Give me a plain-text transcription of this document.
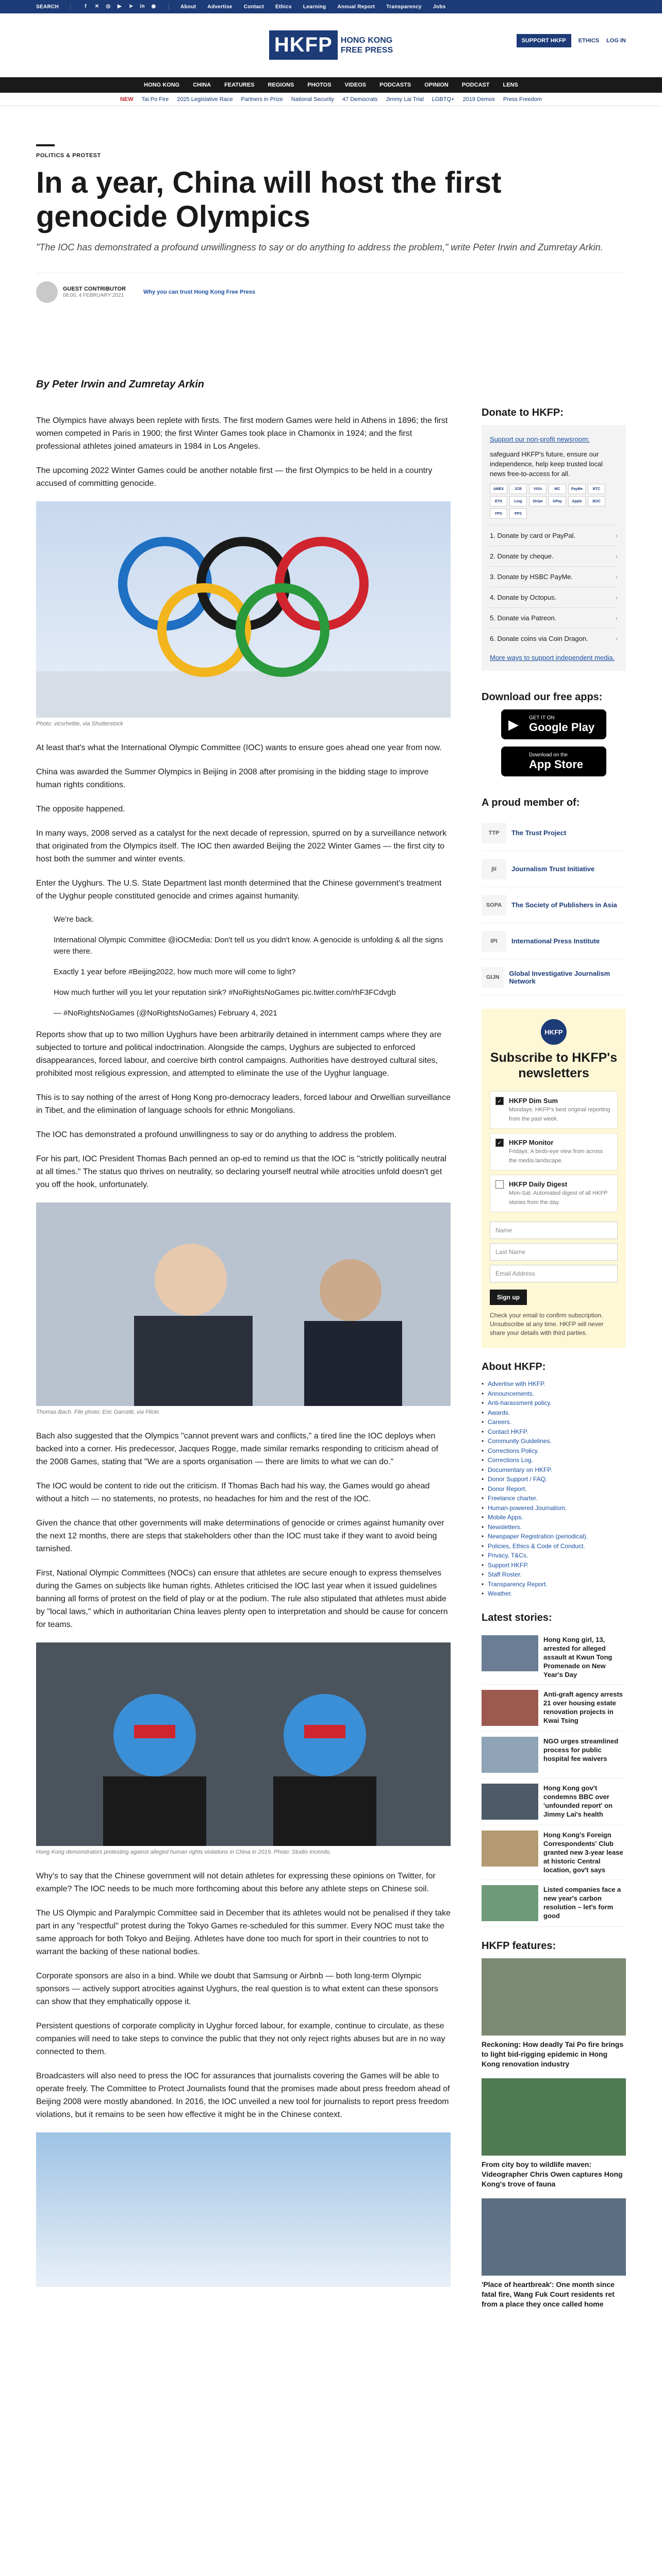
SEARCH	f	✕ ◎	▶	➤ in ◉	About Advertise Contact Ethics Learning Annual Report Transparency Jobs
HKFP	HONG KONG
FREE PRESS
SUPPORT HKFP	ETHICS LOG IN
HONG KONG CHINA FEATURES REGIONS PHOTOS VIDEOS PODCASTS OPINION PODCAST LENS
NEW Tai Po Fire 2025 Legislative Race Partners in Prize National Security 47 Democrats Jimmy Lai Trial LGBTQ+ 2019 Demos Press Freedom
POLITICS & PROTEST
In a year, China will host the first genocide Olympics
"The IOC has demonstrated a profound unwillingness to say or do anything to address the problem," write Peter Irwin and Zumretay Arkin.
GUEST CONTRIBUTOR
08:00, 4 FEBRUARY 2021
Why you can trust Hong Kong Free Press
By Peter Irwin and Zumretay Arkin

The Olympics have always been replete with firsts. The first modern Games were held in Athens in 1896; the first women competed in Paris in 1900; the first Winter Games took place in Chamonix in 1924; and the first professional athletes joined amateurs in 1984 in Los Angeles.

The upcoming 2022 Winter Games could be another notable first — the first Olympics to be held in a country accused of committing genocide.

Photo: vicsrhettie, via Shutterstock

At least that's what the International Olympic Committee (IOC) wants to ensure goes ahead one year from now.

China was awarded the Summer Olympics in Beijing in 2008 after promising in the bidding stage to improve human rights conditions.

The opposite happened.

In many ways, 2008 served as a catalyst for the next decade of repression, spurred on by a surveillance network that originated from the Olympics itself. The IOC then awarded Beijing the 2022 Winter Games — the first city to host both the summer and winter events.

Enter the Uyghurs. The U.S. State Department last month determined that the Chinese government's treatment of the Uyghur people constituted genocide and crimes against humanity.

We're back.

International Olympic Committee @iOCMedia: Don't tell us you didn't know. A genocide is unfolding & all the signs were there.

Exactly 1 year before #Beijing2022, how much more will come to light?

How much further will you let your reputation sink? #NoRightsNoGames pic.twitter.com/rhF3FCdvgb

— #NoRightsNoGames (@NoRightsNoGames) February 4, 2021

Reports show that up to two million Uyghurs have been arbitrarily detained in internment camps where they are subjected to torture and political indoctrination. Alongside the camps, Uyghurs are subjected to enforced disappearances, forced labour, and coercive birth control campaigns. Authorities have destroyed cultural sites, prohibited most religious expression, and attempted to eliminate the use of the Uyghur language.

This is to say nothing of the arrest of Hong Kong pro-democracy leaders, forced labour and Orwellian surveillance in Tibet, and the elimination of language schools for ethnic Mongolians.

The IOC has demonstrated a profound unwillingness to say or do anything to address the problem.

For his part, IOC President Thomas Bach penned an op-ed to remind us that the IOC is "strictly politically neutral at all times." The status quo thrives on neutrality, so declaring yourself neutral while atrocities unfold doesn't get you off the hook, unfortunately.

Thomas Bach. File photo: Eric Garcetti, via Flickr.

Bach also suggested that the Olympics "cannot prevent wars and conflicts," a tired line the IOC deploys when backed into a corner. His predecessor, Jacques Rogge, made similar remarks responding to criticism ahead of the 2008 Games, stating that "We are a sports organisation — there are limits to what we can do."

The IOC would be content to ride out the criticism. If Thomas Bach had his way, the Games would go ahead without a hitch — no statements, no protests, no headaches for him and the rest of the IOC.

Given the chance that other governments will make determinations of genocide or crimes against humanity over the next 12 months, there are steps that stakeholders other than the IOC must take if they want to avoid being tarnished.

First, National Olympic Committees (NOCs) can ensure that athletes are secure enough to express themselves during the Games on subjects like human rights. Athletes criticised the IOC last year when it issued guidelines banning all forms of protest on the field of play or at the podium. The rule also stipulated that athletes must abide by "local laws," which in authoritarian China leaves plenty open to interpretation and should be cause for concern for teams.

Hong Kong demonstrators protesting against alleged human rights violations in China in 2019. Photo: Studio Incendo.

Why's to say that the Chinese government will not detain athletes for expressing these opinions on Twitter, for example? The IOC needs to be much more forthcoming about this before any athlete steps on Chinese soil.

The US Olympic and Paralympic Committee said in December that its athletes would not be penalised if they take part in any "respectful" protest during the Tokyo Games re-scheduled for this summer. Every NOC must take the same approach for both Tokyo and Beijing. Athletes have done too much for sport in their countries to not to warrant the backing of these national bodies.

Corporate sponsors are also in a bind. While we doubt that Samsung or Airbnb — both long-term Olympic sponsors — actively support atrocities against Uyghurs, the real question is to what extent can these sponsors can show that they emphatically oppose it.

Persistent questions of corporate complicity in Uyghur forced labour, for example, continue to circulate, as these companies will need to take steps to convince the public that they not only reject rights abuses but are in no way connected to them.

Broadcasters will also need to press the IOC for assurances that journalists covering the Games will be able to operate freely. The Committee to Protect Journalists found that the promises made about press freedom ahead of Beijing 2008 were mostly abandoned. In 2016, the IOC unveiled a new tool for journalists to report press freedom violations, but it remains to be seen how effective it might be in the Chinese context.

Donate to HKFP:

Support our non-profit newsroom:

safeguard HKFP's future, ensure our independence, help keep trusted local news free-to-access for all.

AMEX	JCB	VISA	MC	PayMe	BTC
ETH	Ling	Stripe	GPay	Apple	BOC
FPS	PPS
1. Donate by card or PayPal.	›
2. Donate by cheque.	›
3. Donate by HSBC PayMe.	›
4. Donate by Octopus.	›
5. Donate via Patreon.	›
6. Donate coins via Coin Dragon.	›
More ways to support independent media.
Download our free apps:
▶ GET IT ON
Google Play
Download on the
App Store
A proud member of:
TTP	The Trust Project
jti	Journalism Trust Initiative
SOPA	The Society of Publishers in Asia
IPI	International Press Institute
GIJN	Global Investigative Journalism Network
HKFP
Subscribe to HKFP's newsletters
✓ HKFP Dim Sum
Mondays: HKFP's best original reporting from the past week.
✓ HKFP Monitor
Fridays: A birds-eye view from across the media landscape.
HKFP Daily Digest
Mon-Sat: Automated digest of all HKFP stories from the day.
Name
Last Name
Email Address
Sign up
Check your email to confirm subscription. Unsubscribe at any time. HKFP will never share your details with third parties.
About HKFP:
• Advertise with HKFP.
• Announcements.
• Anti-harassment policy.
• Awards.
• Careers.
• Contact HKFP.
• Community Guidelines.
• Corrections Policy.
• Corrections Log.
• Documentary on HKFP.
• Donor Support / FAQ.
• Donor Report.
• Freelance charter.
• Human-powered Journalism.
• Mobile Apps.
• Newsletters.
• Newspaper Registration (periodical).
• Policies, Ethics & Code of Conduct.
• Privacy, T&Cs.
• Support HKFP.
• Staff Roster.
• Transparency Report.
• Weather.
Latest stories:
Hong Kong girl, 13, arrested for alleged assault at Kwun Tong Promenade on New Year's Day
Anti-graft agency arrests 21 over housing estate renovation projects in Kwai Tsing
NGO urges streamlined process for public hospital fee waivers
Hong Kong gov't condemns BBC over 'unfounded report' on Jimmy Lai's health
Hong Kong's Foreign Correspondents' Club granted new 3-year lease at historic Central location, gov't says
Listed companies face a new year's carbon resolution – let's form good
HKFP features:
Reckoning: How deadly Tai Po fire brings to light bid-rigging epidemic in Hong Kong renovation industry
From city boy to wildlife maven: Videographer Chris Owen captures Hong Kong's trove of fauna
'Place of heartbreak': One month since fatal fire, Wang Fuk Court residents ret from a place they once called home
